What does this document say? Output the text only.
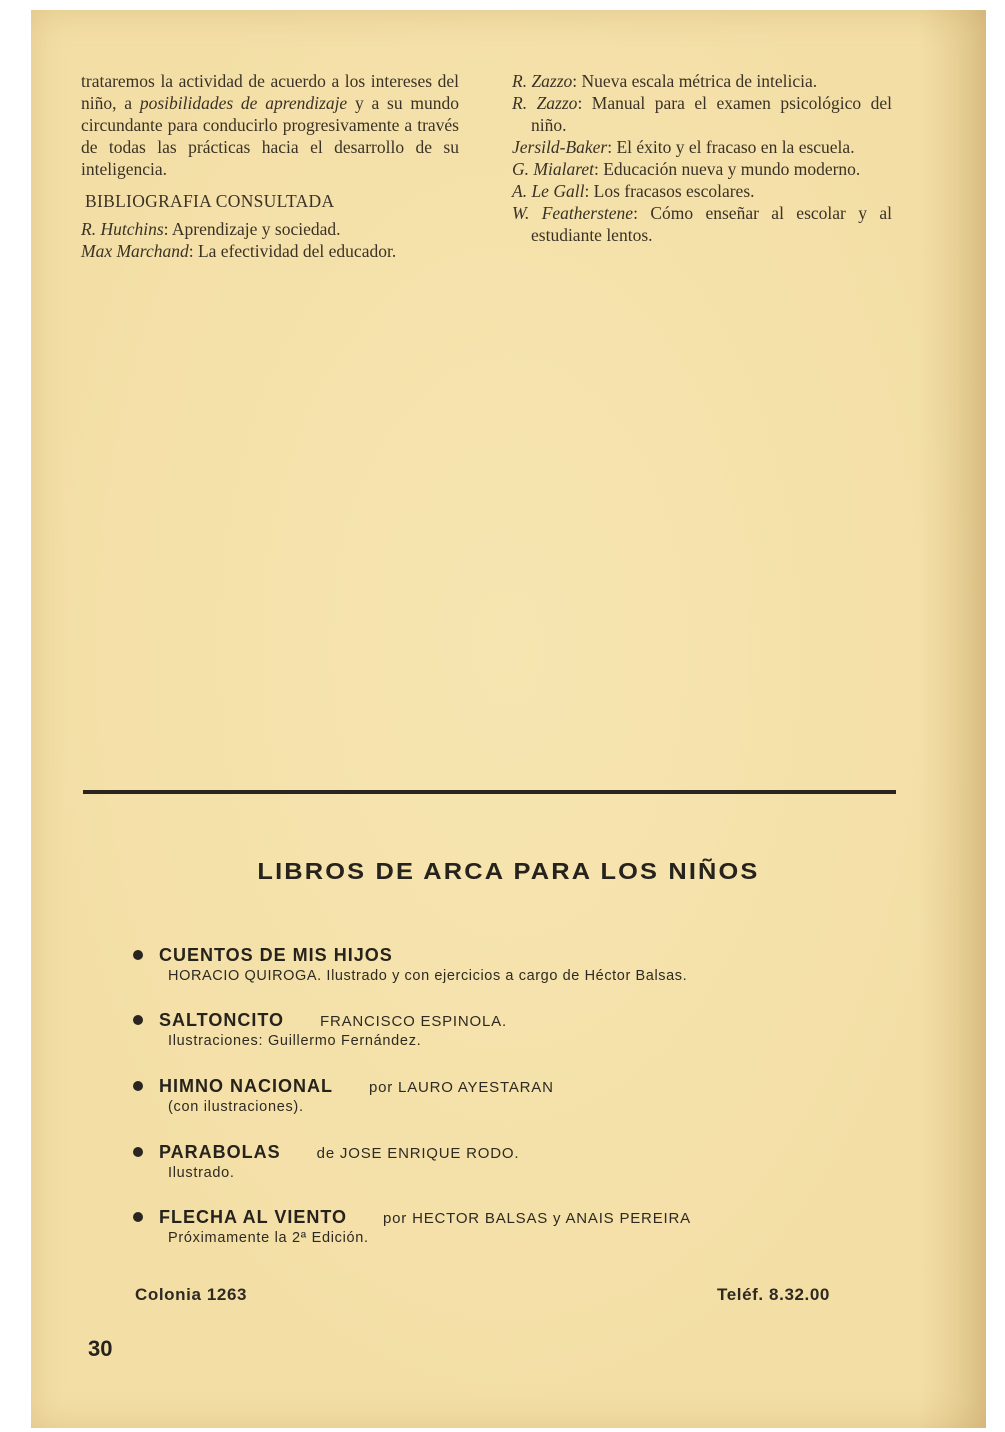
trataremos la actividad de acuerdo a los intereses del niño, a posibilidades de aprendizaje y a su mundo circundante para conducirlo progresivamente a través de todas las prácticas hacia el desarrollo de su inteligencia.

BIBLIOGRAFIA CONSULTADA

R. Hutchins: Aprendizaje y sociedad.

Max Marchand: La efectividad del educador.

R. Zazzo: Nueva escala métrica de intelicia.

R. Zazzo: Manual para el examen psicológico del niño.

Jersild-Baker: El éxito y el fracaso en la escuela.

G. Mialaret: Educación nueva y mundo moderno.

A. Le Gall: Los fracasos escolares.

W. Featherstene: Cómo enseñar al escolar y al estudiante lentos.

LIBROS DE ARCA PARA LOS NIÑOS
CUENTOS DE MIS HIJOS
HORACIO QUIROGA. Ilustrado y con ejercicios a cargo de Héctor Balsas.
SALTONCITO FRANCISCO ESPINOLA.
Ilustraciones: Guillermo Fernández.
HIMNO NACIONAL por LAURO AYESTARAN
(con ilustraciones).
PARABOLAS de JOSE ENRIQUE RODO.
Ilustrado.
FLECHA AL VIENTO por HECTOR BALSAS y ANAIS PEREIRA
Próximamente la 2ª Edición.
Colonia 1263	Teléf. 8.32.00
30
